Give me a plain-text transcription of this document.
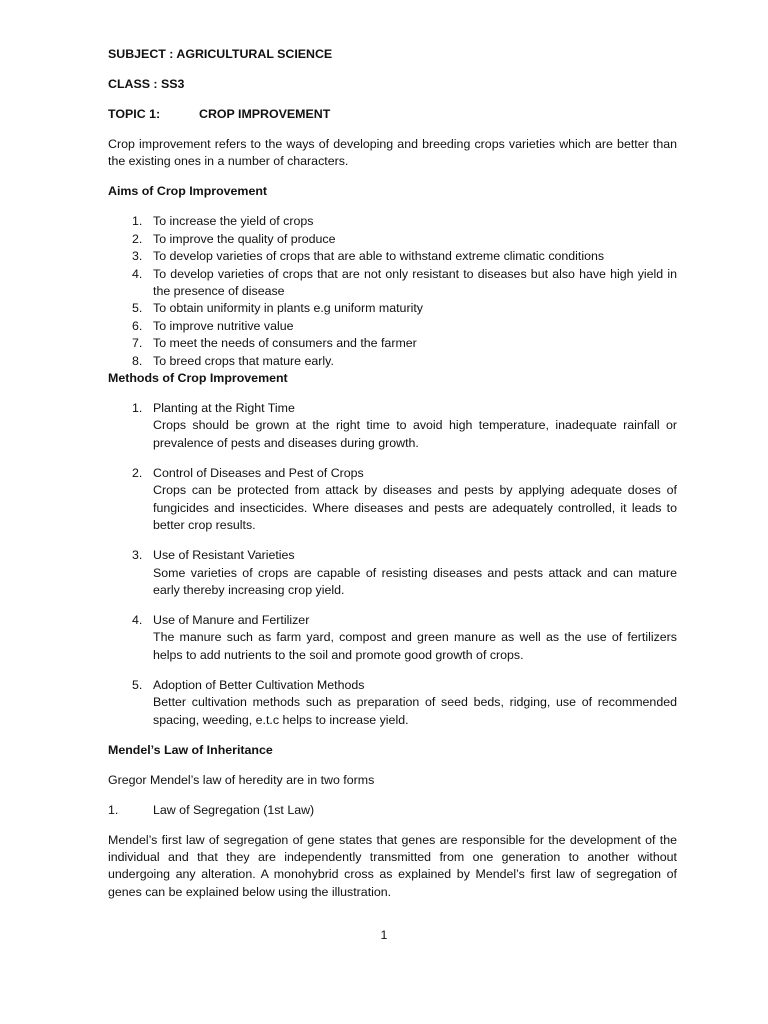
SUBJECT : AGRICULTURAL SCIENCE
CLASS : SS3
TOPIC 1:	CROP IMPROVEMENT

Crop improvement refers to the ways of developing and breeding crops varieties which are better than the existing ones in a number of characters.

Aims of Crop Improvement
1. To increase the yield of crops
2. To improve the quality of produce
3. To develop varieties of crops that are able to withstand extreme climatic conditions
4. To develop varieties of crops that are not only resistant to diseases but also have high yield in the presence of disease
5. To obtain uniformity in plants e.g uniform maturity
6. To improve nutritive value
7. To meet the needs of consumers and the farmer
8. To breed crops that mature early.
Methods of Crop Improvement
1. Planting at the Right Time
Crops should be grown at the right time to avoid high temperature, inadequate rainfall or prevalence of pests and diseases during growth.
2. Control of Diseases and Pest of Crops
Crops can be protected from attack by diseases and pests by applying adequate doses of fungicides and insecticides. Where diseases and pests are adequately controlled, it leads to better crop results.
3. Use of Resistant Varieties
Some varieties of crops are capable of resisting diseases and pests attack and can mature early thereby increasing crop yield.
4. Use of Manure and Fertilizer
The manure such as farm yard, compost and green manure as well as the use of fertilizers helps to add nutrients to the soil and promote good growth of crops.
5. Adoption of Better Cultivation Methods
Better cultivation methods such as preparation of seed beds, ridging, use of recommended spacing, weeding, e.t.c helps to increase yield.
Mendel’s Law of Inheritance

Gregor Mendel’s law of heredity are in two forms

1.	Law of Segregation (1st Law)

Mendel’s first law of segregation of gene states that genes are responsible for the development of the individual and that they are independently transmitted from one generation to another without undergoing any alteration. A monohybrid cross as explained by Mendel’s first law of segregation of genes can be explained below using the illustration.

1
